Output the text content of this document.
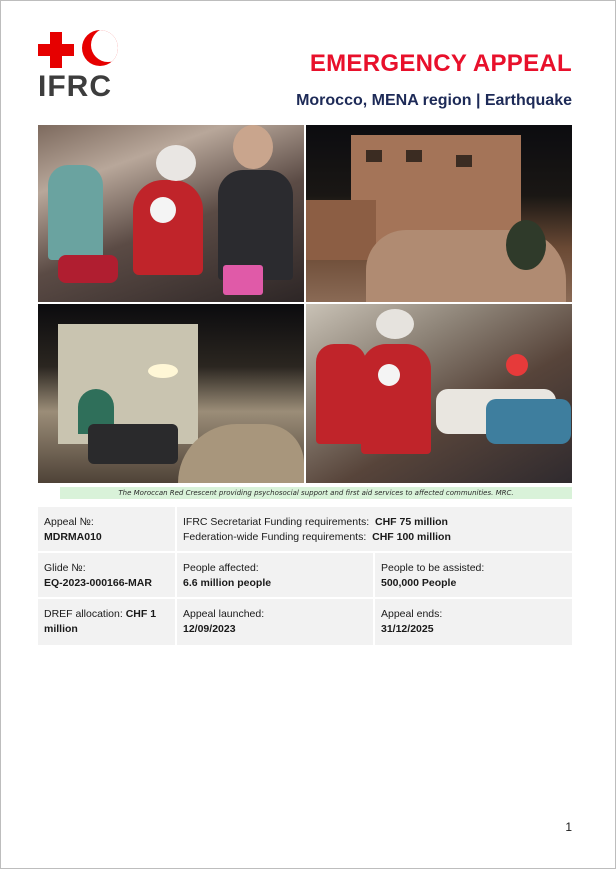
IFRC
EMERGENCY APPEAL
Morocco, MENA region | Earthquake
The Moroccan Red Crescent providing psychosocial support and first aid services to affected communities. MRC.
Appeal №:
MDRMA010
IFRC Secretariat Funding requirements: CHF 75 million
Federation-wide Funding requirements: CHF 100 million
Glide №:
EQ-2023-000166-MAR
People affected:
6.6 million people
People to be assisted:
500,000 People
DREF allocation: CHF 1 million
Appeal launched:
12/09/2023
Appeal ends:
31/12/2025
1
